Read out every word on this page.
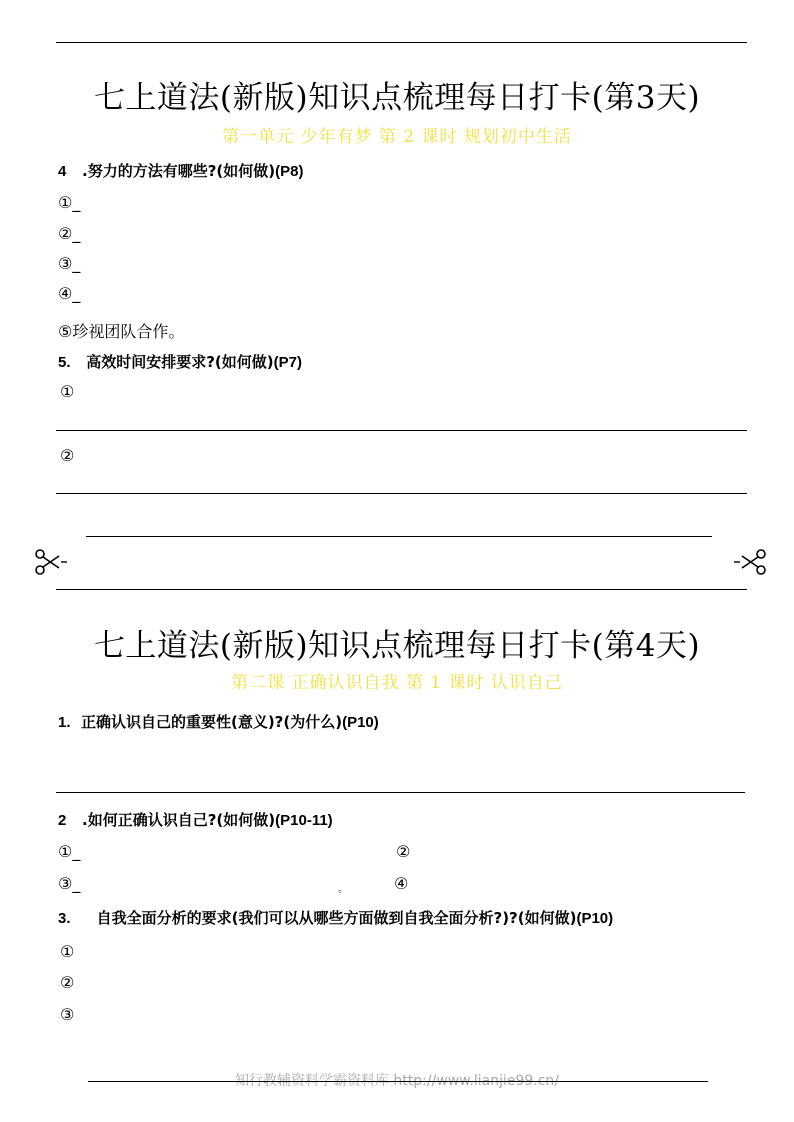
七上道法(新版)知识点梳理每日打卡(第3天)
第一单元 少年有梦 第 2 课时 规划初中生活
4 .努力的方法有哪些?(如何做)(P8)
①_
②_
③_
④_
⑤珍视团队合作。
5. 高效时间安排要求?(如何做)(P7)
①
②
七上道法(新版)知识点梳理每日打卡(第4天)
第二课 正确认识自我 第 1 课时 认识自己
1. 正确认识自己的重要性(意义)?(为什么)(P10)
2 .如何正确认识自己?(如何做)(P10-11)
①_	②
③_	。	④
3. 自我全面分析的要求(我们可以从哪些方面做到自我全面分析?)?(如何做)(P10)
①
②
③
知行教辅资料学霸资料库 http://www.lianjie99.cn/
